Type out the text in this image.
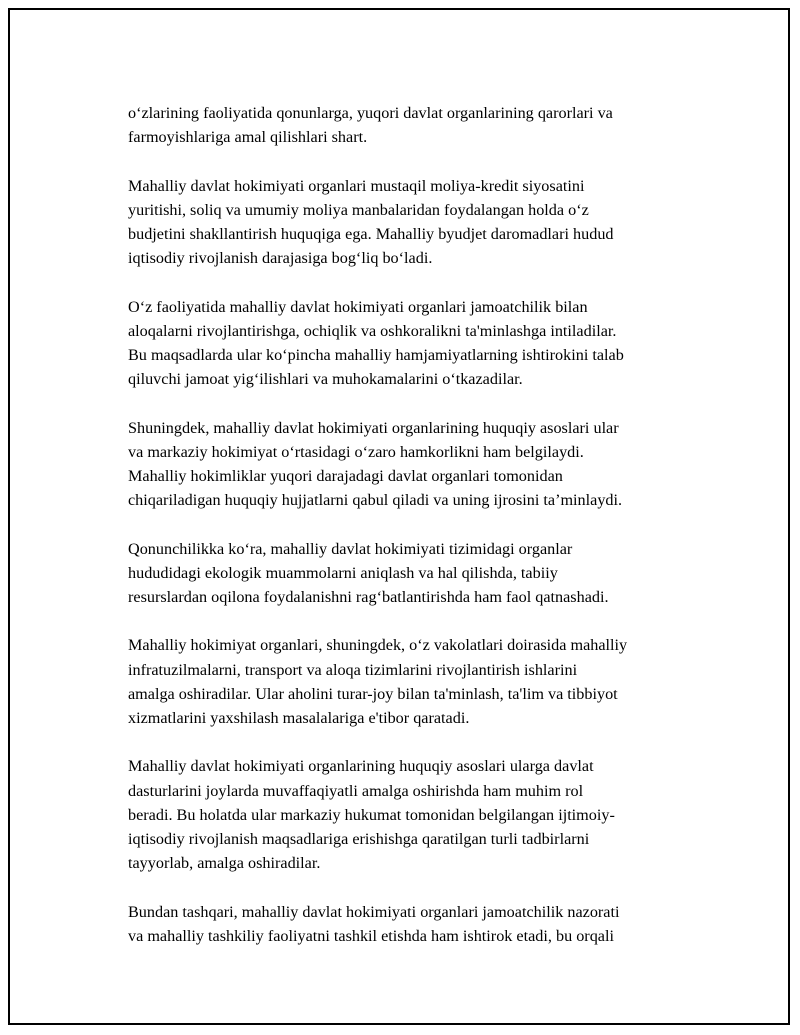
o‘zlarining faoliyatida qonunlarga, yuqori davlat organlarining qarorlari va
farmoyishlariga amal qilishlari shart.

Mahalliy davlat hokimiyati organlari mustaqil moliya-kredit siyosatini
yuritishi, soliq va umumiy moliya manbalaridan foydalangan holda o‘z
budjetini shakllantirish huquqiga ega. Mahalliy byudjet daromadlari hudud
iqtisodiy rivojlanish darajasiga bog‘liq bo‘ladi.

O‘z faoliyatida mahalliy davlat hokimiyati organlari jamoatchilik bilan
aloqalarni rivojlantirishga, ochiqlik va oshkoralikni ta'minlashga intiladilar.
Bu maqsadlarda ular ko‘pincha mahalliy hamjamiyatlarning ishtirokini talab
qiluvchi jamoat yig‘ilishlari va muhokamalarini o‘tkazadilar.

Shuningdek, mahalliy davlat hokimiyati organlarining huquqiy asoslari ular
va markaziy hokimiyat o‘rtasidagi o‘zaro hamkorlikni ham belgilaydi.
Mahalliy hokimliklar yuqori darajadagi davlat organlari tomonidan
chiqariladigan huquqiy hujjatlarni qabul qiladi va uning ijrosini ta’minlaydi.

Qonunchilikka ko‘ra, mahalliy davlat hokimiyati tizimidagi organlar
hududidagi ekologik muammolarni aniqlash va hal qilishda, tabiiy
resurslardan oqilona foydalanishni rag‘batlantirishda ham faol qatnashadi.

Mahalliy hokimiyat organlari, shuningdek, o‘z vakolatlari doirasida mahalliy
infratuzilmalarni, transport va aloqa tizimlarini rivojlantirish ishlarini
amalga oshiradilar. Ular aholini turar-joy bilan ta'minlash, ta'lim va tibbiyot
xizmatlarini yaxshilash masalalariga e'tibor qaratadi.

Mahalliy davlat hokimiyati organlarining huquqiy asoslari ularga davlat
dasturlarini joylarda muvaffaqiyatli amalga oshirishda ham muhim rol
beradi. Bu holatda ular markaziy hukumat tomonidan belgilangan ijtimoiy-
iqtisodiy rivojlanish maqsadlariga erishishga qaratilgan turli tadbirlarni
tayyorlab, amalga oshiradilar.

Bundan tashqari, mahalliy davlat hokimiyati organlari jamoatchilik nazorati
va mahalliy tashkiliy faoliyatni tashkil etishda ham ishtirok etadi, bu orqali
